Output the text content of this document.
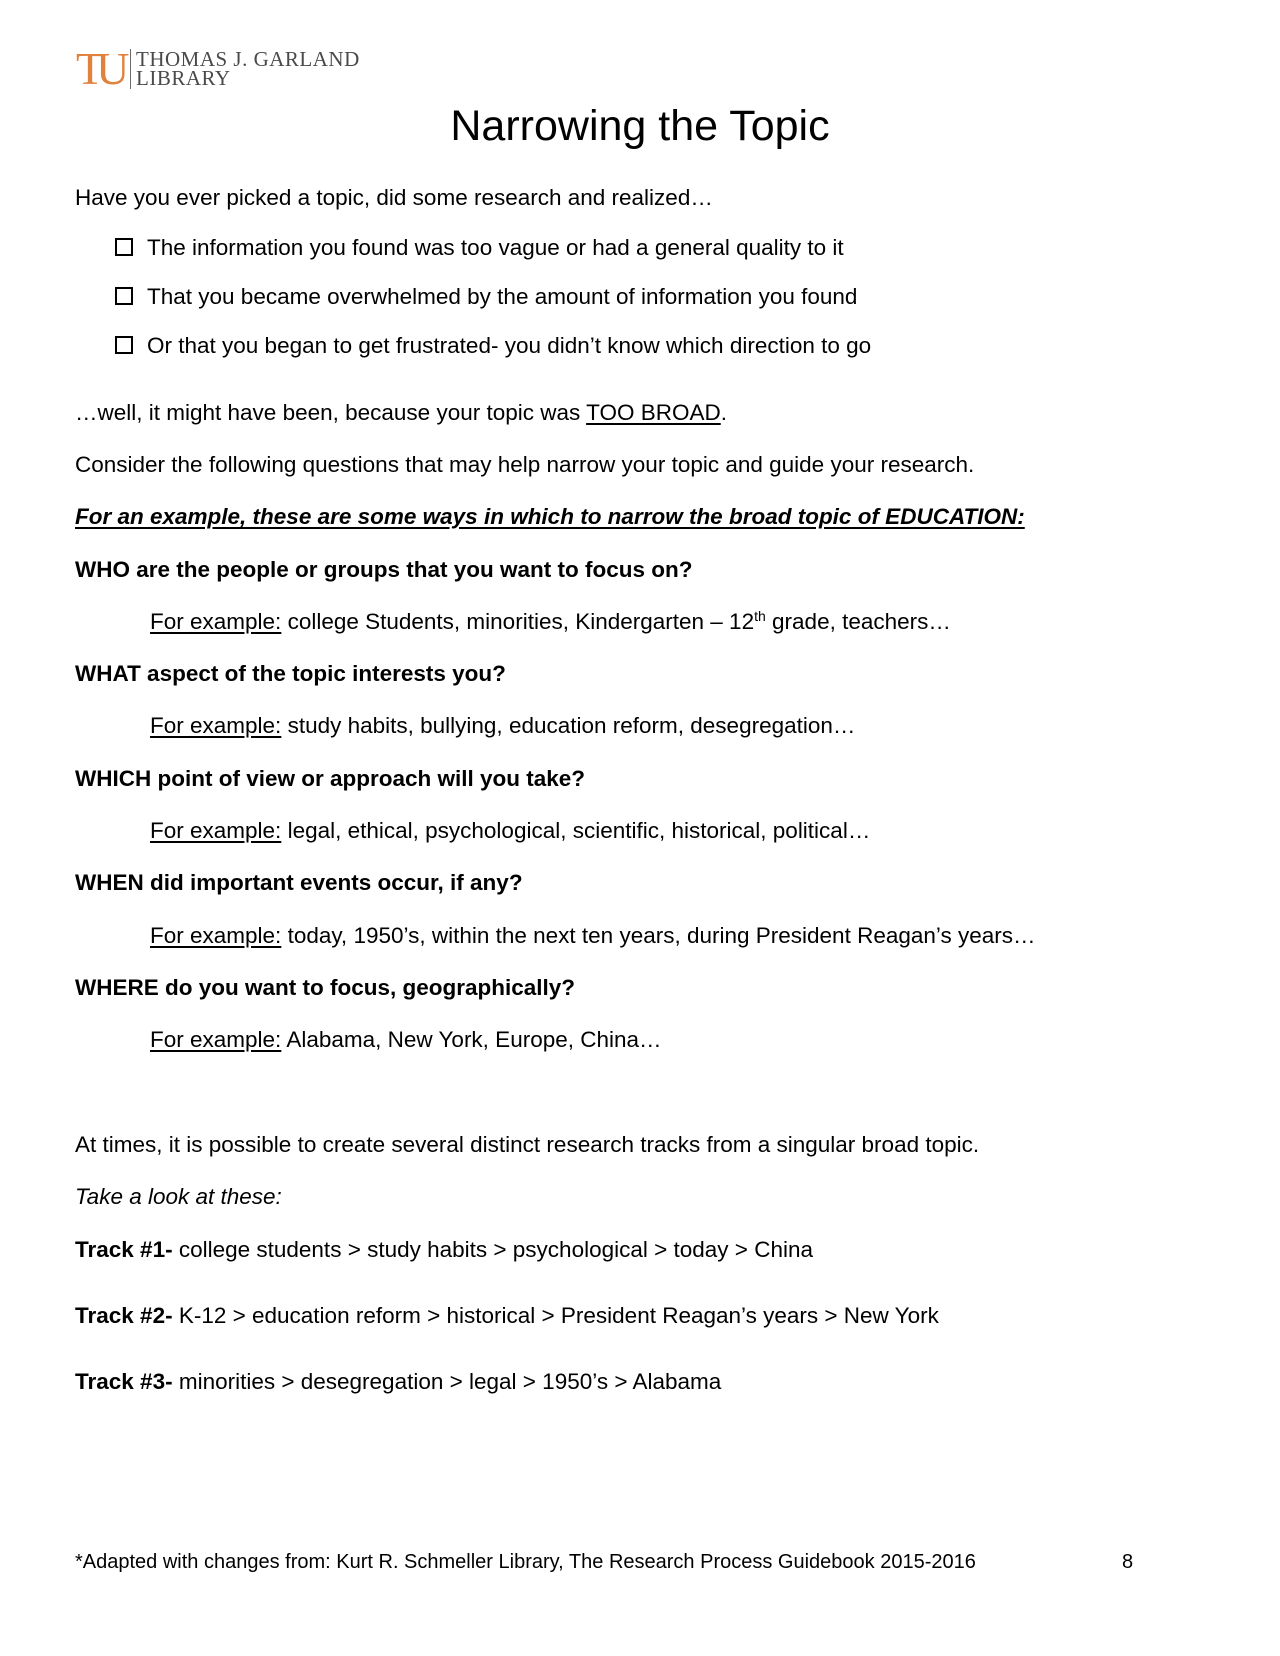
TU THOMAS J. GARLAND
LIBRARY
Narrowing the Topic
Have you ever picked a topic, did some research and realized…
The information you found was too vague or had a general quality to it
That you became overwhelmed by the amount of information you found
Or that you began to get frustrated- you didn’t know which direction to go
…well, it might have been, because your topic was TOO BROAD.
Consider the following questions that may help narrow your topic and guide your research.
For an example, these are some ways in which to narrow the broad topic of EDUCATION:
WHO are the people or groups that you want to focus on?
For example: college Students, minorities, Kindergarten – 12th grade, teachers…
WHAT aspect of the topic interests you?
For example: study habits, bullying, education reform, desegregation…
WHICH point of view or approach will you take?
For example: legal, ethical, psychological, scientific, historical, political…
WHEN did important events occur, if any?
For example: today, 1950’s, within the next ten years, during President Reagan’s years…
WHERE do you want to focus, geographically?
For example: Alabama, New York, Europe, China…
At times, it is possible to create several distinct research tracks from a singular broad topic.
Take a look at these:
Track #1- college students > study habits > psychological > today > China
Track #2- K-12 > education reform > historical > President Reagan’s years > New York
Track #3- minorities > desegregation > legal > 1950’s > Alabama
*Adapted with changes from: Kurt R. Schmeller Library, The Research Process Guidebook 2015-2016	8
